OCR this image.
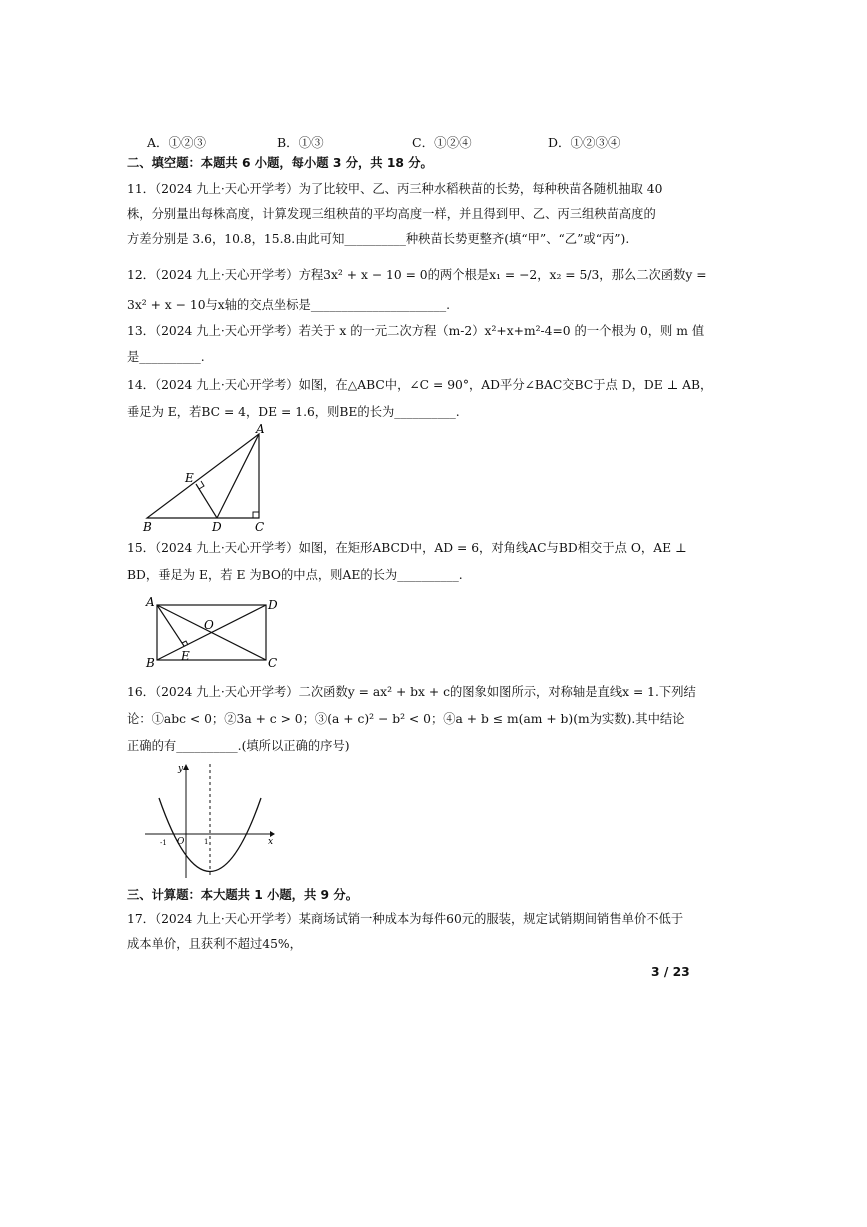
A．①②③	B．①③	C．①②④	D．①②③④
二、填空题：本题共 6 小题，每小题 3 分，共 18 分。
11．（2024 九上·天心开学考）为了比较甲、乙、丙三种水稻秧苗的长势，每种秧苗各随机抽取 40
株，分别量出每株高度，计算发现三组秧苗的平均高度一样，并且得到甲、乙、丙三组秧苗高度的
方差分别是 3.6，10.8，15.8.由此可知__________种秧苗长势更整齐(填“甲”、“乙”或“丙”).
12．（2024 九上·天心开学考）方程3x² + x − 10 = 0的两个根是x₁ = −2，x₂ = 5/3，那么二次函数y =
3x² + x − 10与x轴的交点坐标是______________________.
13．（2024 九上·天心开学考）若关于 x 的一元二次方程（m-2）x²+x+m²-4=0 的一个根为 0，则 m 值
是__________.
14．（2024 九上·天心开学考）如图，在△ABC中，∠C = 90°，AD平分∠BAC交BC于点 D，DE ⊥ AB，
垂足为 E，若BC = 4，DE = 1.6，则BE的长为__________.
A
B	C
D
E
15．（2024 九上·天心开学考）如图，在矩形ABCD中，AD = 6，对角线AC与BD相交于点 O，AE ⊥
BD，垂足为 E，若 E 为BO的中点，则AE的长为__________.
A
B	C
D
E
O
16．（2024 九上·天心开学考）二次函数y = ax² + bx + c的图象如图所示，对称轴是直线x = 1.下列结
论：①abc < 0；②3a + c > 0；③(a + c)² − b² < 0；④a + b ≤ m(am + b)(m为实数).其中结论
正确的有__________.(填所以正确的序号)
y
x
O
-1	1
三、计算题：本大题共 1 小题，共 9 分。
17．（2024 九上·天心开学考）某商场试销一种成本为每件60元的服装，规定试销期间销售单价不低于
成本单价，且获利不超过45%，
3 / 23
